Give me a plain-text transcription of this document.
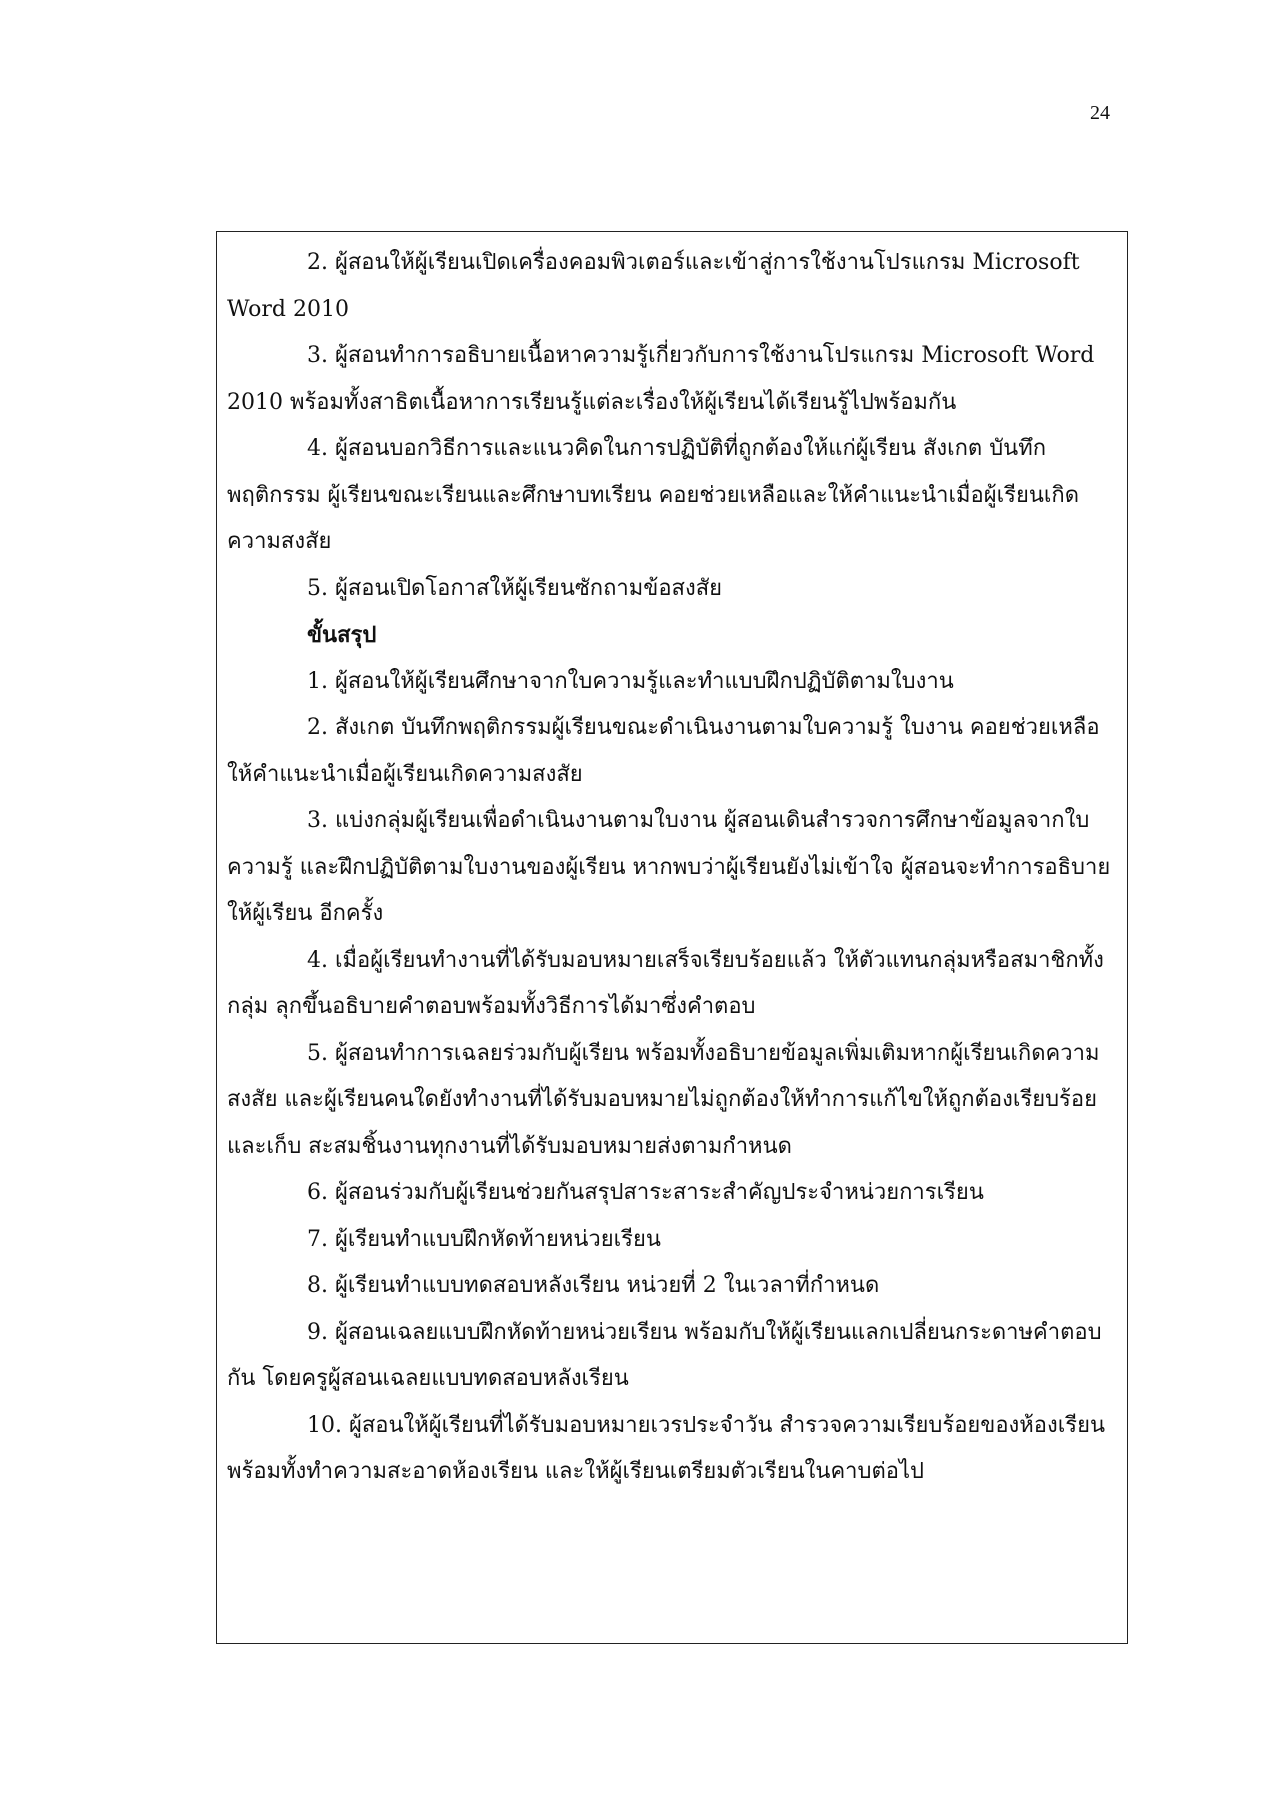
24

2. ผู้สอนให้ผู้เรียนเปิดเครื่องคอมพิวเตอร์และเข้าสู่การใช้งานโปรแกรม Microsoft Word 2010

3. ผู้สอนทำการอธิบายเนื้อหาความรู้เกี่ยวกับการใช้งานโปรแกรม Microsoft Word 2010 พร้อมทั้งสาธิตเนื้อหาการเรียนรู้แต่ละเรื่องให้ผู้เรียนได้เรียนรู้ไปพร้อมกัน

4. ผู้สอนบอกวิธีการและแนวคิดในการปฏิบัติที่ถูกต้องให้แก่ผู้เรียน สังเกต บันทึกพฤติกรรม ผู้เรียนขณะเรียนและศึกษาบทเรียน คอยช่วยเหลือและให้คำแนะนำเมื่อผู้เรียนเกิดความสงสัย

5. ผู้สอนเปิดโอกาสให้ผู้เรียนซักถามข้อสงสัย

ขั้นสรุป

1. ผู้สอนให้ผู้เรียนศึกษาจากใบความรู้และทำแบบฝึกปฏิบัติตามใบงาน

2. สังเกต บันทึกพฤติกรรมผู้เรียนขณะดำเนินงานตามใบความรู้ ใบงาน คอยช่วยเหลือ ให้คำแนะนำเมื่อผู้เรียนเกิดความสงสัย

3. แบ่งกลุ่มผู้เรียนเพื่อดำเนินงานตามใบงาน ผู้สอนเดินสำรวจการศึกษาข้อมูลจากใบความรู้ และฝึกปฏิบัติตามใบงานของผู้เรียน หากพบว่าผู้เรียนยังไม่เข้าใจ ผู้สอนจะทำการอธิบายให้ผู้เรียน อีกครั้ง

4. เมื่อผู้เรียนทำงานที่ได้รับมอบหมายเสร็จเรียบร้อยแล้ว ให้ตัวแทนกลุ่มหรือสมาชิกทั้งกลุ่ม ลุกขึ้นอธิบายคำตอบพร้อมทั้งวิธีการได้มาซึ่งคำตอบ

5. ผู้สอนทำการเฉลยร่วมกับผู้เรียน พร้อมทั้งอธิบายข้อมูลเพิ่มเติมหากผู้เรียนเกิดความสงสัย และผู้เรียนคนใดยังทำงานที่ได้รับมอบหมายไม่ถูกต้องให้ทำการแก้ไขให้ถูกต้องเรียบร้อยและเก็บ สะสมชิ้นงานทุกงานที่ได้รับมอบหมายส่งตามกำหนด

6. ผู้สอนร่วมกับผู้เรียนช่วยกันสรุปสาระสาระสำคัญประจำหน่วยการเรียน

7. ผู้เรียนทำแบบฝึกหัดท้ายหน่วยเรียน

8. ผู้เรียนทำแบบทดสอบหลังเรียน หน่วยที่ 2 ในเวลาที่กำหนด

9. ผู้สอนเฉลยแบบฝึกหัดท้ายหน่วยเรียน พร้อมกับให้ผู้เรียนแลกเปลี่ยนกระดาษคำตอบกัน โดยครูผู้สอนเฉลยแบบทดสอบหลังเรียน

10. ผู้สอนให้ผู้เรียนที่ได้รับมอบหมายเวรประจำวัน สำรวจความเรียบร้อยของห้องเรียน พร้อมทั้งทำความสะอาดห้องเรียน และให้ผู้เรียนเตรียมตัวเรียนในคาบต่อไป
